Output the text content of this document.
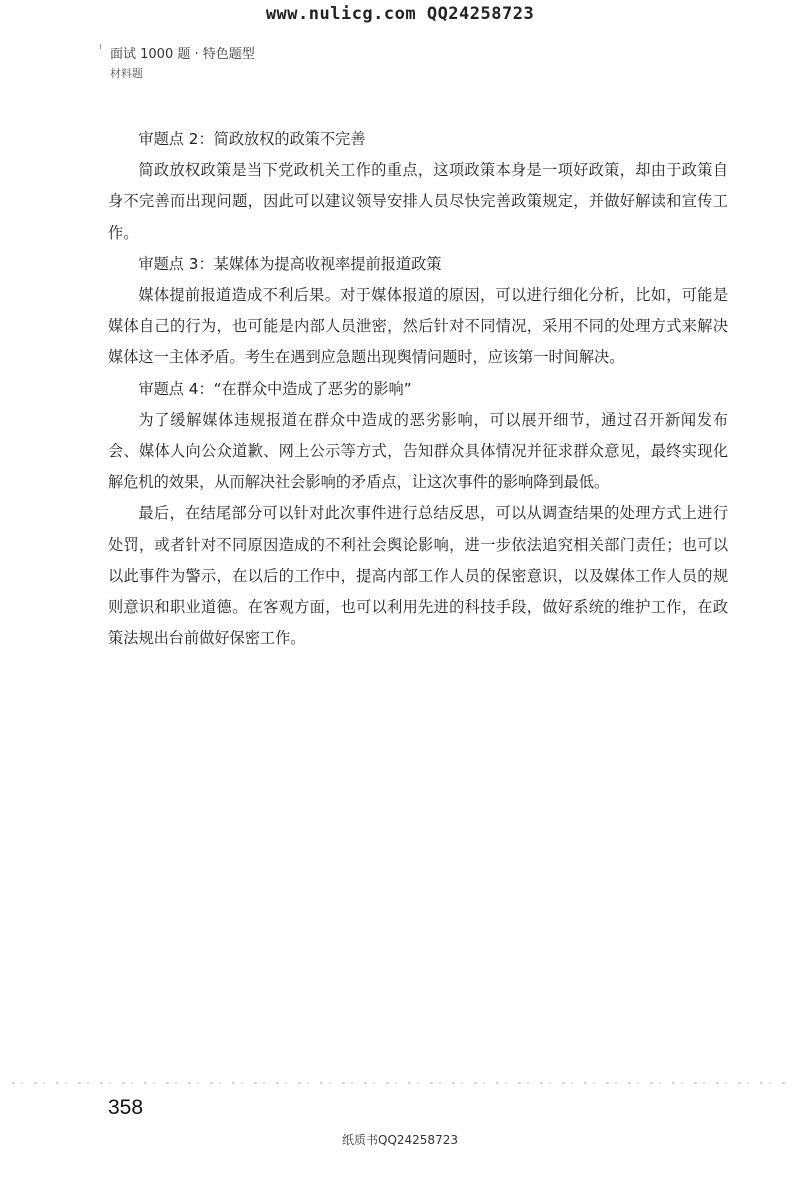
www.nulicg.com QQ24258723
面试 1000 题 · 特色题型
材料题

审题点 2：简政放权的政策不完善

简政放权政策是当下党政机关工作的重点，这项政策本身是一项好政策，却由于政策自身不完善而出现问题，因此可以建议领导安排人员尽快完善政策规定，并做好解读和宣传工作。

审题点 3：某媒体为提高收视率提前报道政策

媒体提前报道造成不利后果。对于媒体报道的原因，可以进行细化分析，比如，可能是媒体自己的行为，也可能是内部人员泄密，然后针对不同情况，采用不同的处理方式来解决媒体这一主体矛盾。考生在遇到应急题出现舆情问题时，应该第一时间解决。

审题点 4：“在群众中造成了恶劣的影响”

为了缓解媒体违规报道在群众中造成的恶劣影响，可以展开细节，通过召开新闻发布会、媒体人向公众道歉、网上公示等方式，告知群众具体情况并征求群众意见，最终实现化解危机的效果，从而解决社会影响的矛盾点，让这次事件的影响降到最低。

最后，在结尾部分可以针对此次事件进行总结反思，可以从调查结果的处理方式上进行处罚，或者针对不同原因造成的不利社会舆论影响，进一步依法追究相关部门责任；也可以以此事件为警示，在以后的工作中，提高内部工作人员的保密意识，以及媒体工作人员的规则意识和职业道德。在客观方面，也可以利用先进的科技手段，做好系统的维护工作，在政策法规出台前做好保密工作。

358
纸质书QQ24258723
